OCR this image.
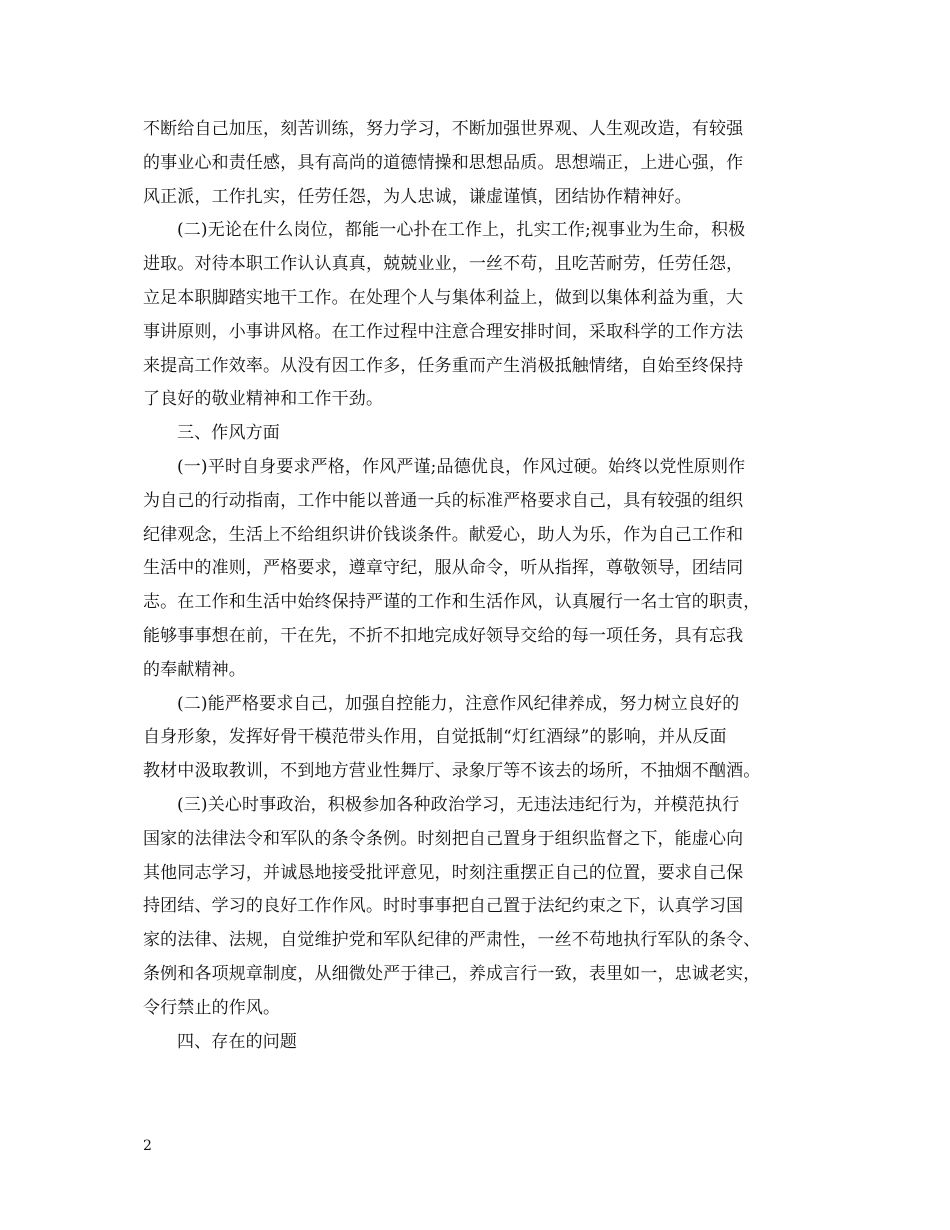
不断给自己加压，刻苦训练，努力学习，不断加强世界观、人生观改造，有较强
的事业心和责任感，具有高尚的道德情操和思想品质。思想端正，上进心强，作
风正派，工作扎实，任劳任怨，为人忠诚，谦虚谨慎，团结协作精神好。
(二)无论在什么岗位，都能一心扑在工作上，扎实工作;视事业为生命，积极
进取。对待本职工作认认真真，兢兢业业，一丝不苟，且吃苦耐劳，任劳任怨，
立足本职脚踏实地干工作。在处理个人与集体利益上，做到以集体利益为重，大
事讲原则，小事讲风格。在工作过程中注意合理安排时间，采取科学的工作方法
来提高工作效率。从没有因工作多，任务重而产生消极抵触情绪，自始至终保持
了良好的敬业精神和工作干劲。
三、作风方面
(一)平时自身要求严格，作风严谨;品德优良，作风过硬。始终以党性原则作
为自己的行动指南，工作中能以普通一兵的标准严格要求自己，具有较强的组织
纪律观念，生活上不给组织讲价钱谈条件。献爱心，助人为乐，作为自己工作和
生活中的准则，严格要求，遵章守纪，服从命令，听从指挥，尊敬领导，团结同
志。在工作和生活中始终保持严谨的工作和生活作风，认真履行一名士官的职责，
能够事事想在前，干在先，不折不扣地完成好领导交给的每一项任务，具有忘我
的奉献精神。
(二)能严格要求自己，加强自控能力，注意作风纪律养成，努力树立良好的
自身形象，发挥好骨干模范带头作用，自觉抵制“灯红酒绿”的影响，并从反面
教材中汲取教训，不到地方营业性舞厅、录象厅等不该去的场所，不抽烟不酗酒。
(三)关心时事政治，积极参加各种政治学习，无违法违纪行为，并模范执行
国家的法律法令和军队的条令条例。时刻把自己置身于组织监督之下，能虚心向
其他同志学习，并诚恳地接受批评意见，时刻注重摆正自己的位置，要求自己保
持团结、学习的良好工作作风。时时事事把自己置于法纪约束之下，认真学习国
家的法律、法规，自觉维护党和军队纪律的严肃性，一丝不苟地执行军队的条令、
条例和各项规章制度，从细微处严于律己，养成言行一致，表里如一，忠诚老实，
令行禁止的作风。
四、存在的问题
2
